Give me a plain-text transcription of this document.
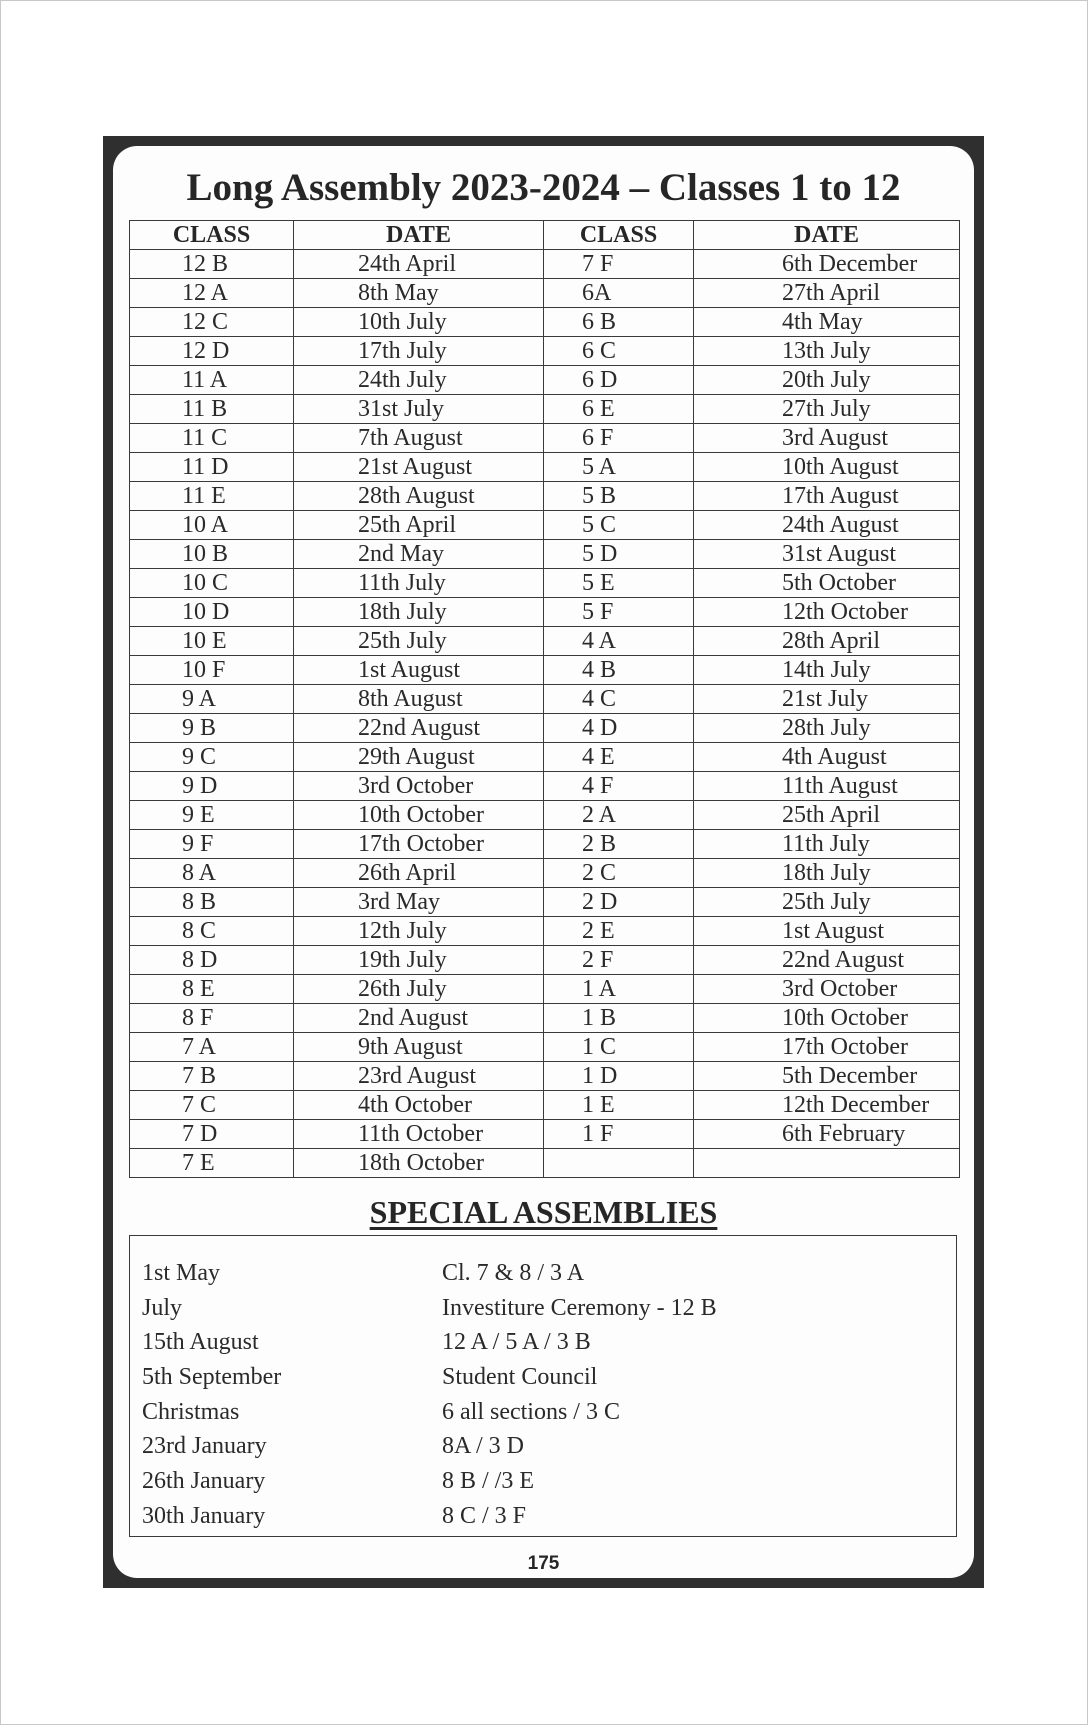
Long Assembly 2023-2024 – Classes 1 to 12
CLASS	DATE	CLASS	DATE
12 B	24th April	7 F	6th December
12 A	8th May	6A	27th April
12 C	10th July	6 B	4th May
12 D	17th July	6 C	13th July
11 A	24th July	6 D	20th July
11 B	31st July	6 E	27th July
11 C	7th August	6 F	3rd August
11 D	21st August	5 A	10th August
11 E	28th August	5 B	17th August
10 A	25th April	5 C	24th August
10 B	2nd May	5 D	31st August
10 C	11th July	5 E	5th October
10 D	18th July	5 F	12th October
10 E	25th July	4 A	28th April
10 F	1st August	4 B	14th July
9 A	8th August	4 C	21st July
9 B	22nd August	4 D	28th July
9 C	29th August	4 E	4th August
9 D	3rd October	4 F	11th August
9 E	10th October	2 A	25th April
9 F	17th October	2 B	11th July
8 A	26th April	2 C	18th July
8 B	3rd May	2 D	25th July
8 C	12th July	2 E	1st August
8 D	19th July	2 F	22nd August
8 E	26th July	1 A	3rd October
8 F	2nd August	1 B	10th October
7 A	9th August	1 C	17th October
7 B	23rd August	1 D	5th December
7 C	4th October	1 E	12th December
7 D	11th October	1 F	6th February
7 E	18th October		
SPECIAL ASSEMBLIES
1st May	Cl. 7 & 8 / 3 A
July	Investiture Ceremony - 12 B
15th August	12 A / 5 A / 3 B
5th September	Student Council
Christmas	6 all sections / 3 C
23rd January	8A / 3 D
26th January	8 B / /3 E
30th January	8 C / 3 F
175
